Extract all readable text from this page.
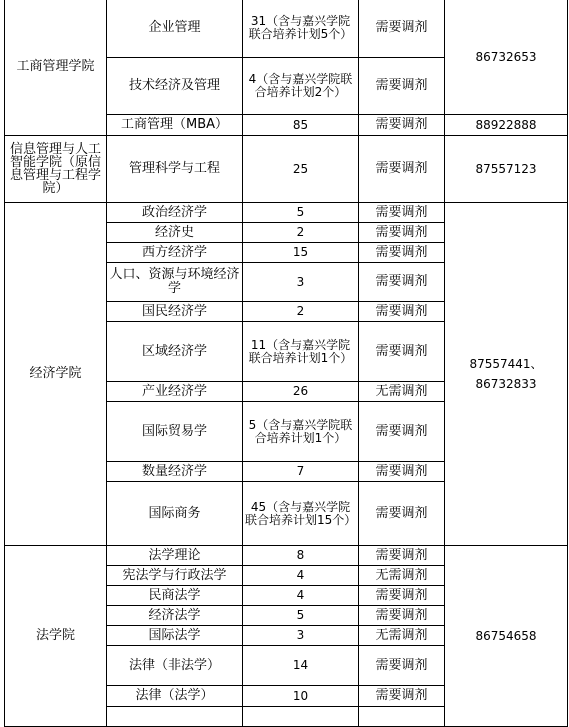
工商管理学院	企业管理	31（含与嘉兴学院联合培养计划5个）	需要调剂	86732653
	技术经济及管理	4（含与嘉兴学院联合培养计划2个）	需要调剂	
	工商管理（MBA）	85	需要调剂	88922888

信息管理与人工智能学院（原信息管理与工程学院）	管理科学与工程	25	需要调剂	87557123
经济学院	政治经济学	5	需要调剂	87557441、86732833

	经济史	2	需要调剂	
	西方经济学	15	需要调剂	

	人口、资源与环境经济学	3	需要调剂	
	国民经济学	2	需要调剂	
	区域经济学	11（含与嘉兴学院联合培养计划1个）	需要调剂	
	产业经济学	26	无需调剂	
	国际贸易学	5（含与嘉兴学院联合培养计划1个）	需要调剂	
	数量经济学	7	需要调剂	
	国际商务	45（含与嘉兴学院联合培养计划15个）	需要调剂	
法学院	法学理论	8	需要调剂	86754658
	宪法学与行政法学	4	无需调剂	
	民商法学	4	需要调剂	
	经济法学	5	需要调剂	
	国际法学	3	无需调剂	
	法律（非法学）	14	需要调剂	
	法律（法学）	10	需要调剂	
